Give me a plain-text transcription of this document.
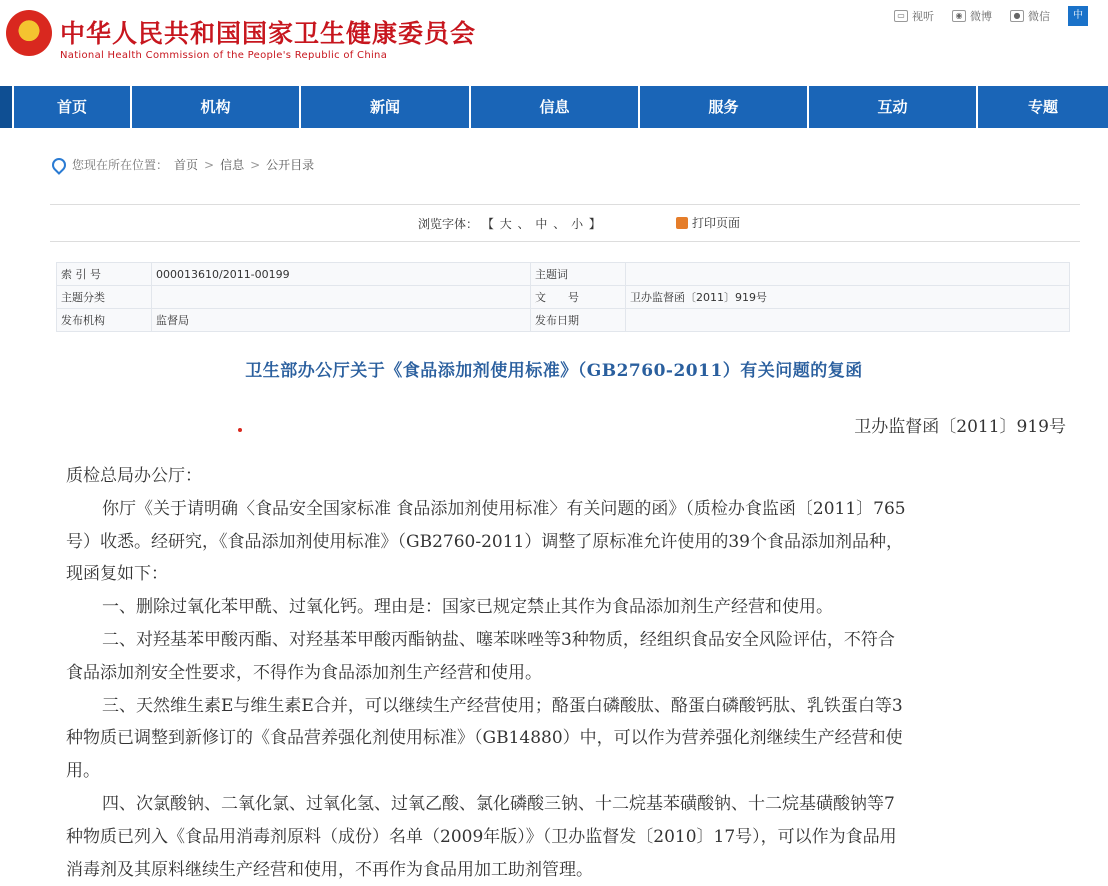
中华人民共和国国家卫生健康委员会
National Health Commission of the People's Republic of China
▭ 视听	◉ 微博	● 微信	中
首页	机构	新闻	信息	服务	互动	专题
您现在所在位置： 首页 > 信息 > 公开目录
浏览字体： 【 大 、 中 、 小 】	打印页面
索 引 号	000013610/2011-00199	主题词	
主题分类		文　　号	卫办监督函〔2011〕919号
发布机构	监督局	发布日期	
卫生部办公厅关于《食品添加剂使用标准》（GB2760-2011）有关问题的复函
卫办监督函〔2011〕919号

质检总局办公厅：

你厅《关于请明确〈食品安全国家标准 食品添加剂使用标准〉有关问题的函》（质检办食监函〔2011〕765

号）收悉。经研究，《食品添加剂使用标准》（GB2760-2011）调整了原标准允许使用的39个食品添加剂品种，

现函复如下：

一、删除过氧化苯甲酰、过氧化钙。理由是：国家已规定禁止其作为食品添加剂生产经营和使用。

二、对羟基苯甲酸丙酯、对羟基苯甲酸丙酯钠盐、噻苯咪唑等3种物质，经组织食品安全风险评估，不符合

食品添加剂安全性要求，不得作为食品添加剂生产经营和使用。

三、天然维生素E与维生素E合并，可以继续生产经营使用；酪蛋白磷酸肽、酪蛋白磷酸钙肽、乳铁蛋白等3

种物质已调整到新修订的《食品营养强化剂使用标准》（GB14880）中，可以作为营养强化剂继续生产经营和使

用。

四、次氯酸钠、二氧化氯、过氧化氢、过氧乙酸、氯化磷酸三钠、十二烷基苯磺酸钠、十二烷基磺酸钠等7

种物质已列入《食品用消毒剂原料（成份）名单（2009年版）》（卫办监督发〔2010〕17号），可以作为食品用

消毒剂及其原料继续生产经营和使用，不再作为食品用加工助剂管理。
